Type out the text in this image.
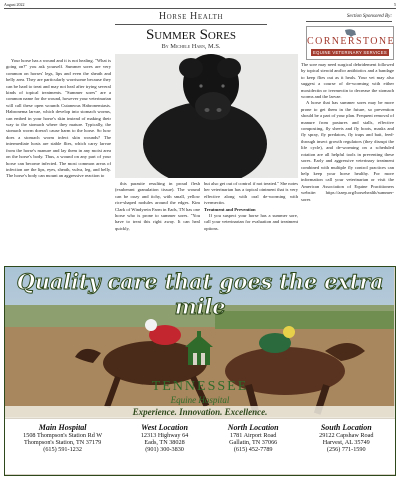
August 2022	5
Horse Health	Section Sponsored By:
CORNERSTONE
EQUINE VETERINARY SERVICES
Summer Sores
By Michele Harn, M.S.
Your horse has a wound and it is not healing. "What is going on?" you ask yourself. Summer sores are very common on horses' legs, lips and even the sheath and belly area. They are particularly worrisome because they can be hard to treat and may not heal after trying several kinds of topical treatments. "Summer sores" are a common name for the wound, however your veterinarian will call these open wounds Cutaneous Habronemiasis. Habronema larvae, which develop into stomach worms, can embed in your horse's skin instead of making their way to the stomach where they mature. Typically, the stomach worm doesn't cause harm to the horse. So how does a stomach worm infect skin wounds? The intermediate hosts are stable flies, which carry larvae from the horse's manure and lay them in any moist area on the horse's body. Thus, a wound on any part of your horse can become infected. The most common areas of infection are the lips, eyes, sheath, vulva, leg, and belly. The horse's body can mount an aggressive reaction to
this parasite resulting in proud flesh (exuberant granulation tissue). The wound can be oozy and itchy, with small, yellow rice-shaped nodules around the edges. Kim Clark of Windyrein Farm in Eads, TN has one horse who is prone to summer sores. "You have to treat this right away. It can heal quickly,

but also get out of control if not treated." She notes her veterinarian has a topical ointment that is very effective along with oral de-worming with ivermectin.

Treatment and Prevention

If you suspect your horse has a summer sore, call your veterinarian for evaluation and treatment options.

The sore may need surgical debridement followed by topical steroid and/or antibiotics and a bandage to keep flies out as it heals. Your vet may also suggest a course of de-worming with either moxidectin or ivermectin to decrease the stomach worms and the larvae.

A horse that has summer sores may be more prone to get them in the future, so prevention should be a part of your plan. Frequent removal of manure from pastures and stalls, effective composting, fly sheets and fly boots, masks and fly spray, fly predators, fly traps and bait, feed-through insect growth regulators (they disrupt the life cycle), and de-worming on a scheduled rotation are all helpful tools in preventing these sores. Early and aggressive veterinary treatment combined with multiple fly control practices can help keep your horse healthy. For more information call your veterinarian or visit the American Association of Equine Practitioners website: https://aaep.org/horsehealth/summer-sores

Quality care that goes the extra mile
TENNESSEE
Equine Hospital
Experience. Innovation. Excellence.
Main Hospital
1508 Thompson's Station Rd W
Thompson's Station, TN 37179
(615) 591-1232
West Location
12313 Highway 64
Eads, TN 38028
(901) 300-3830
North Location
1781 Airport Road
Gallatin, TN 37066
(615) 452-7789
South Location
29122 Capshaw Road
Harvest, AL 35749
(256) 771-1590
